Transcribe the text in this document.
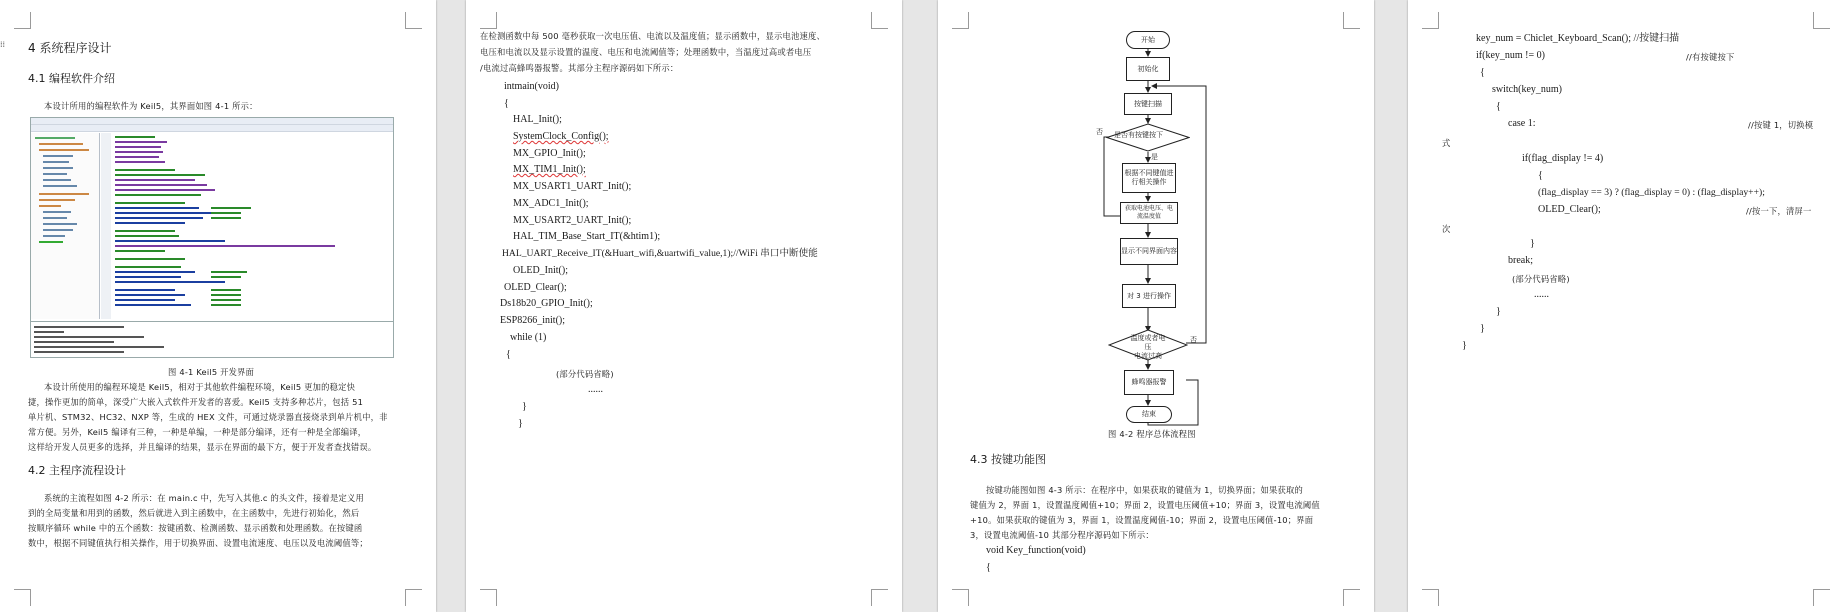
⁞⁞ 4 系统程序设计
4.1 编程软件介绍
本设计所用的编程软件为 Keil5，其界面如图 4-1 所示：
图 4-1 Keil5 开发界面
本设计所使用的编程环境是 Keil5，相对于其他软件编程环境，Keil5 更加的稳定快
捷，操作更加的简单，深受广大嵌入式软件开发者的喜爱。Keil5 支持多种芯片，包括 51
单片机、STM32、HC32、NXP 等，生成的 HEX 文件，可通过烧录器直接烧录到单片机中，非
常方便。另外，Keil5 编译有三种，一种是单编，一种是部分编译，还有一种是全部编译，
这样给开发人员更多的选择，并且编译的结果，显示在界面的最下方，便于开发者查找错误。
4.2 主程序流程设计
系统的主流程如图 4-2 所示：在 main.c 中，先写入其他.c 的头文件，接着是定义用
到的全局变量和用到的函数，然后就进入到主函数中，在主函数中，先进行初始化，然后
按顺序循环 while 中的五个函数：按键函数、检测函数、显示函数和处理函数。在按键函
数中，根据不同键值执行相关操作，用于切换界面、设置电流速度、电压以及电流阈值等；
在检测函数中每 500 毫秒获取一次电压值、电流以及温度值；显示函数中，显示电池速度、
电压和电流以及显示设置的温度、电压和电流阈值等；处理函数中，当温度过高或者电压
/电流过高蜂鸣器报警。其部分主程序源码如下所示：
intmain(void)
{
HAL_Init();
SystemClock_Config();
MX_GPIO_Init();
MX_TIM1_Init();
MX_USART1_UART_Init();
MX_ADC1_Init();
MX_USART2_UART_Init();
HAL_TIM_Base_Start_IT(&htim1);
HAL_UART_Receive_IT(&Huart_wifi,&uartwifi_value,1);//WiFi 串口中断使能
OLED_Init();
OLED_Clear();
Ds18b20_GPIO_Init();
ESP8266_init();
while (1)
{
(部分代码省略)
......
}
}
开始
初始化
按键扫描
是否有按键按下
否
是
根据不同键值进
行相关操作
获取电池电压、电
流温度值
显示不同界面内容
对 3 进行操作
温度或者电压
电流过高
否
蜂鸣器报警
结束
图 4-2 程序总体流程图
4.3 按键功能图
按键功能图如图 4-3 所示：在程序中，如果获取的键值为 1，切换界面；如果获取的
键值为 2，界面 1，设置温度阈值+10；界面 2，设置电压阈值+10；界面 3，设置电流阈值
+10。如果获取的键值为 3，界面 1，设置温度阈值-10；界面 2，设置电压阈值-10；界面
3，设置电流阈值-10 其部分程序源码如下所示：
void Key_function(void)
{
key_num = Chiclet_Keyboard_Scan(); //按键扫描
if(key_num != 0)	//有按键按下
{
switch(key_num)
{
case 1:	//按键 1，切换模
式
if(flag_display != 4)
{
(flag_display == 3) ? (flag_display = 0) : (flag_display++);
OLED_Clear();	//按一下，清屏一
次
}
break;
(部分代码省略)
......
}
}
}
